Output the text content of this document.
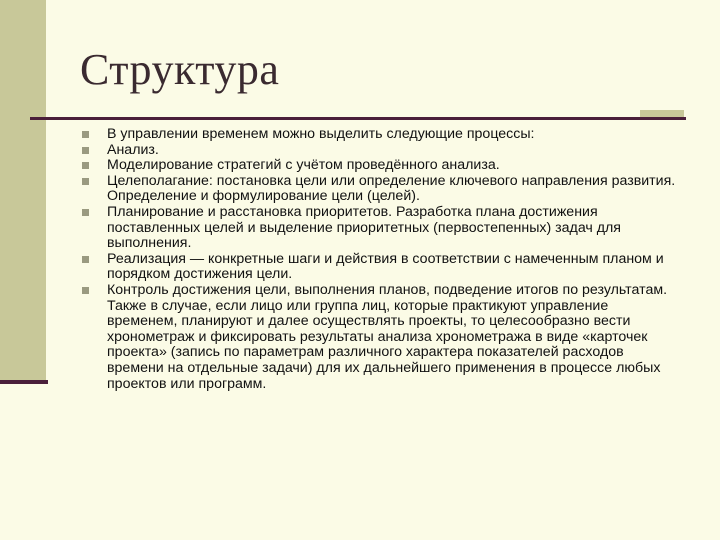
Структура
В управлении временем можно выделить следующие процессы:
Анализ.
Моделирование стратегий с учётом проведённого анализа.
Целеполагание: постановка цели или определение ключевого направления развития. Определение и формулирование цели (целей).
Планирование и расстановка приоритетов. Разработка плана достижения поставленных целей и выделение приоритетных (первостепенных) задач для выполнения.
Реализация — конкретные шаги и действия в соответствии с намеченным планом и порядком достижения цели.
Контроль достижения цели, выполнения планов, подведение итогов по результатам. Также в случае, если лицо или группа лиц, которые практикуют управление временем, планируют и далее осуществлять проекты, то целесообразно вести хронометраж и фиксировать результаты анализа хронометража в виде «карточек проекта» (запись по параметрам различного характера показателей расходов времени на отдельные задачи) для их дальнейшего применения в процессе любых проектов или программ.
